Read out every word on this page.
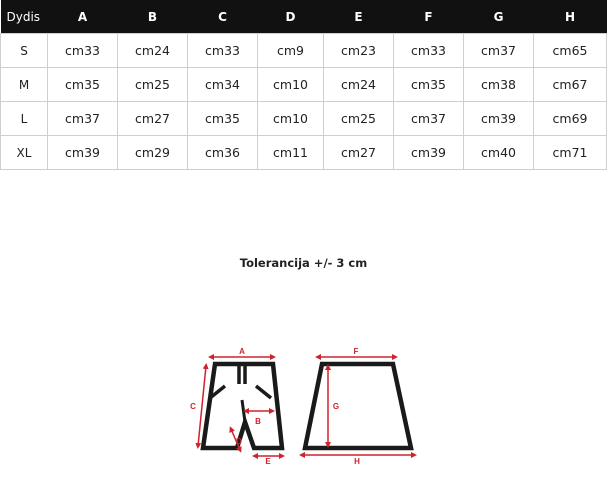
Dydis	A	B	C	D	E	F	G	H
S	cm33	cm24	cm33	cm9	cm23	cm33	cm37	cm65
M	cm35	cm25	cm34	cm10	cm24	cm35	cm38	cm67
L	cm37	cm27	cm35	cm10	cm25	cm37	cm39	cm69
XL	cm39	cm29	cm36	cm11	cm27	cm39	cm40	cm71
Tolerancija +/- 3 cm
A
C
B
D
E
F
G
H
